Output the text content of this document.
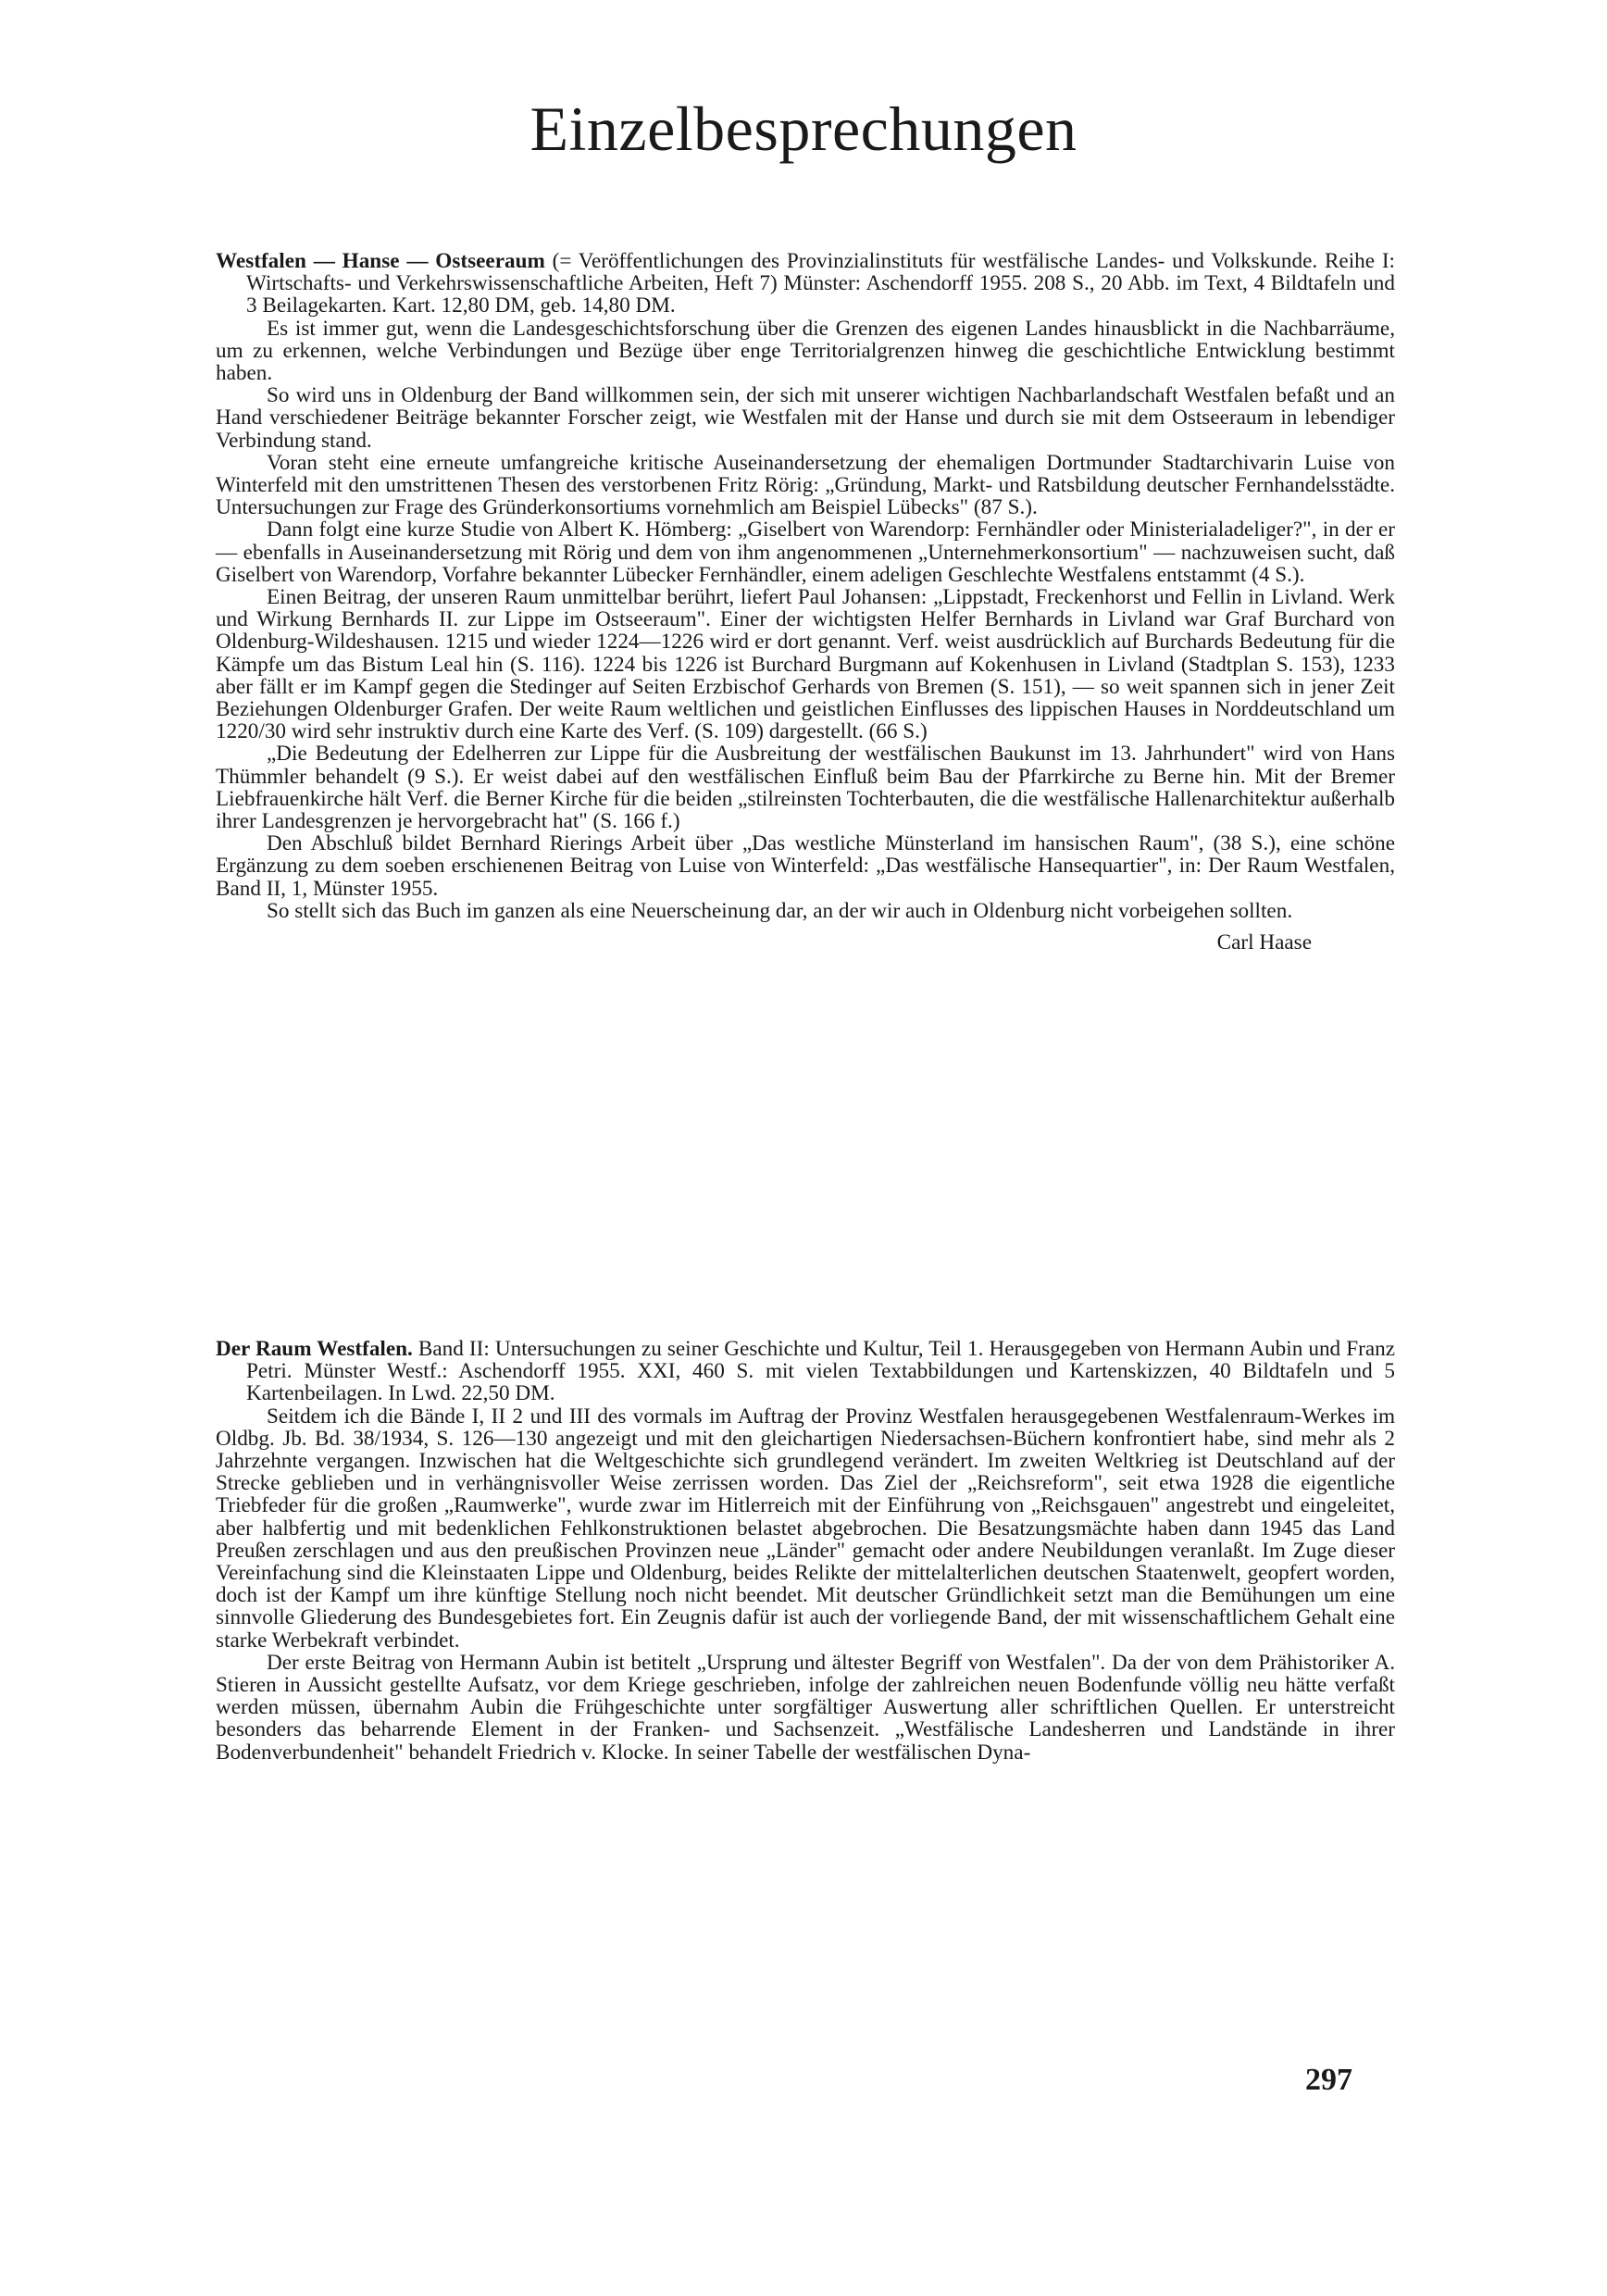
Einzelbesprechungen

Westfalen — Hanse — Ostseeraum (= Veröffentlichungen des Provinzialinstituts für westfälische Landes- und Volkskunde. Reihe I: Wirtschafts- und Verkehrswissenschaftliche Arbeiten, Heft 7) Münster: Aschendorff 1955. 208 S., 20 Abb. im Text, 4 Bildtafeln und 3 Beilagekarten. Kart. 12,80 DM, geb. 14,80 DM.

Es ist immer gut, wenn die Landesgeschichtsforschung über die Grenzen des eigenen Landes hinausblickt in die Nachbarräume, um zu erkennen, welche Verbindungen und Bezüge über enge Territorialgrenzen hinweg die geschichtliche Entwicklung bestimmt haben.

So wird uns in Oldenburg der Band willkommen sein, der sich mit unserer wichtigen Nachbarlandschaft Westfalen befaßt und an Hand verschiedener Beiträge bekannter Forscher zeigt, wie Westfalen mit der Hanse und durch sie mit dem Ostseeraum in lebendiger Verbindung stand.

Voran steht eine erneute umfangreiche kritische Auseinandersetzung der ehemaligen Dortmunder Stadtarchivarin Luise von Winterfeld mit den umstrittenen Thesen des verstorbenen Fritz Rörig: „Gründung, Markt- und Ratsbildung deutscher Fernhandelsstädte. Untersuchungen zur Frage des Gründerkonsortiums vornehmlich am Beispiel Lübecks" (87 S.).

Dann folgt eine kurze Studie von Albert K. Hömberg: „Giselbert von Warendorp: Fernhändler oder Ministerialadeliger?", in der er — ebenfalls in Auseinandersetzung mit Rörig und dem von ihm angenommenen „Unternehmerkonsortium" — nachzuweisen sucht, daß Giselbert von Warendorp, Vorfahre bekannter Lübecker Fernhändler, einem adeligen Geschlechte Westfalens entstammt (4 S.).

Einen Beitrag, der unseren Raum unmittelbar berührt, liefert Paul Johansen: „Lippstadt, Freckenhorst und Fellin in Livland. Werk und Wirkung Bernhards II. zur Lippe im Ostseeraum". Einer der wichtigsten Helfer Bernhards in Livland war Graf Burchard von Oldenburg-Wildeshausen. 1215 und wieder 1224—1226 wird er dort genannt. Verf. weist ausdrücklich auf Burchards Bedeutung für die Kämpfe um das Bistum Leal hin (S. 116). 1224 bis 1226 ist Burchard Burgmann auf Kokenhusen in Livland (Stadtplan S. 153), 1233 aber fällt er im Kampf gegen die Stedinger auf Seiten Erzbischof Gerhards von Bremen (S. 151), — so weit spannen sich in jener Zeit Beziehungen Oldenburger Grafen. Der weite Raum weltlichen und geistlichen Einflusses des lippischen Hauses in Norddeutschland um 1220/30 wird sehr instruktiv durch eine Karte des Verf. (S. 109) dargestellt. (66 S.)

„Die Bedeutung der Edelherren zur Lippe für die Ausbreitung der westfälischen Baukunst im 13. Jahrhundert" wird von Hans Thümmler behandelt (9 S.). Er weist dabei auf den westfälischen Einfluß beim Bau der Pfarrkirche zu Berne hin. Mit der Bremer Liebfrauenkirche hält Verf. die Berner Kirche für die beiden „stilreinsten Tochterbauten, die die westfälische Hallenarchitektur außerhalb ihrer Landesgrenzen je hervorgebracht hat" (S. 166 f.)

Den Abschluß bildet Bernhard Rierings Arbeit über „Das westliche Münsterland im hansischen Raum", (38 S.), eine schöne Ergänzung zu dem soeben erschienenen Beitrag von Luise von Winterfeld: „Das westfälische Hansequartier", in: Der Raum Westfalen, Band II, 1, Münster 1955.

So stellt sich das Buch im ganzen als eine Neuerscheinung dar, an der wir auch in Oldenburg nicht vorbeigehen sollten.

Carl Haase

Der Raum Westfalen. Band II: Untersuchungen zu seiner Geschichte und Kultur, Teil 1. Herausgegeben von Hermann Aubin und Franz Petri. Münster Westf.: Aschendorff 1955. XXI, 460 S. mit vielen Textabbildungen und Kartenskizzen, 40 Bildtafeln und 5 Kartenbeilagen. In Lwd. 22,50 DM.

Seitdem ich die Bände I, II 2 und III des vormals im Auftrag der Provinz Westfalen herausgegebenen Westfalenraum-Werkes im Oldbg. Jb. Bd. 38/1934, S. 126—130 angezeigt und mit den gleichartigen Niedersachsen-Büchern konfrontiert habe, sind mehr als 2 Jahrzehnte vergangen. Inzwischen hat die Weltgeschichte sich grundlegend verändert. Im zweiten Weltkrieg ist Deutschland auf der Strecke geblieben und in verhängnisvoller Weise zerrissen worden. Das Ziel der „Reichsreform", seit etwa 1928 die eigentliche Triebfeder für die großen „Raumwerke", wurde zwar im Hitlerreich mit der Einführung von „Reichsgauen" angestrebt und eingeleitet, aber halbfertig und mit bedenklichen Fehlkonstruktionen belastet abgebrochen. Die Besatzungsmächte haben dann 1945 das Land Preußen zerschlagen und aus den preußischen Provinzen neue „Länder" gemacht oder andere Neubildungen veranlaßt. Im Zuge dieser Vereinfachung sind die Kleinstaaten Lippe und Oldenburg, beides Relikte der mittelalterlichen deutschen Staatenwelt, geopfert worden, doch ist der Kampf um ihre künftige Stellung noch nicht beendet. Mit deutscher Gründlichkeit setzt man die Bemühungen um eine sinnvolle Gliederung des Bundesgebietes fort. Ein Zeugnis dafür ist auch der vorliegende Band, der mit wissenschaftlichem Gehalt eine starke Werbekraft verbindet.

Der erste Beitrag von Hermann Aubin ist betitelt „Ursprung und ältester Begriff von Westfalen". Da der von dem Prähistoriker A. Stieren in Aussicht gestellte Aufsatz, vor dem Kriege geschrieben, infolge der zahlreichen neuen Bodenfunde völlig neu hätte verfaßt werden müssen, übernahm Aubin die Frühgeschichte unter sorgfältiger Auswertung aller schriftlichen Quellen. Er unterstreicht besonders das beharrende Element in der Franken- und Sachsenzeit. „Westfälische Landesherren und Landstände in ihrer Bodenverbundenheit" behandelt Friedrich v. Klocke. In seiner Tabelle der westfälischen Dyna-

297
